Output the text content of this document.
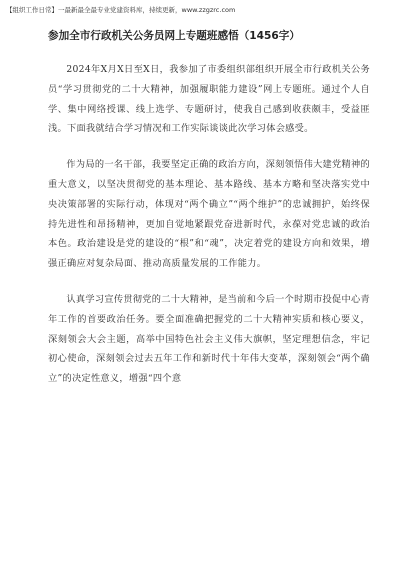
【组织工作日常】一最新最全最专业党建资料库，持续更新，www.zzgzrc.com
参加全市行政机关公务员网上专题班感悟（1456字）

2024年X月X日至X日，我参加了市委组织部组织开展全市行政机关公务员“学习贯彻党的二十大精神，加强履职能力建设”网上专题班。通过个人自学、集中网络授课、线上选学、专题研讨，使我自己感到收获颇丰，受益匪浅。下面我就结合学习情况和工作实际谈谈此次学习体会感受。

作为局的一名干部，我要坚定正确的政治方向，深刻领悟伟大建党精神的重大意义，以坚决贯彻党的基本理论、基本路线、基本方略和坚决落实党中央决策部署的实际行动，体现对“两个确立”“两个维护”的忠诚拥护，始终保持先进性和昂扬精神，更加自觉地紧跟党奋进新时代，永葆对党忠诚的政治本色。政治建设是党的建设的“根”和“魂”，决定着党的建设方向和效果，增强正确应对复杂局面、推动高质量发展的工作能力。

认真学习宣传贯彻党的二十大精神，是当前和今后一个时期市投促中心青年工作的首要政治任务。要全面准确把握党的二十大精神实质和核心要义，深刻领会大会主题，高举中国特色社会主义伟大旗帜，坚定理想信念，牢记初心使命，深刻领会过去五年工作和新时代十年伟大变革，深刻领会“两个确立”的决定性意义，增强“四个意
